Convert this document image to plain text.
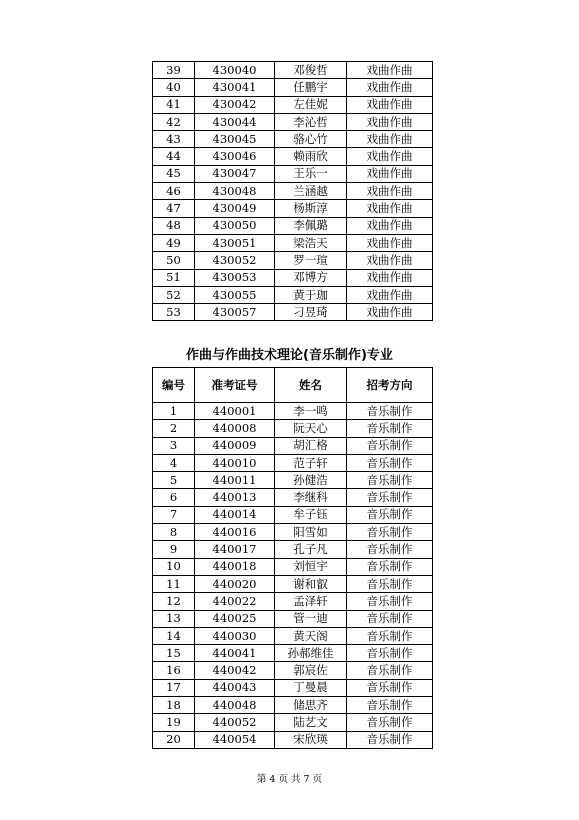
39	430040	邓俊哲	戏曲作曲
40	430041	任鹏宇	戏曲作曲
41	430042	左佳妮	戏曲作曲
42	430044	李沁哲	戏曲作曲
43	430045	骆心竹	戏曲作曲
44	430046	赖雨欣	戏曲作曲
45	430047	王乐一	戏曲作曲
46	430048	兰涵越	戏曲作曲
47	430049	杨斯淳	戏曲作曲
48	430050	李佩璐	戏曲作曲
49	430051	梁浩天	戏曲作曲
50	430052	罗一瑄	戏曲作曲
51	430053	邓博方	戏曲作曲
52	430055	黄于珈	戏曲作曲
53	430057	刁昱琦	戏曲作曲
作曲与作曲技术理论(音乐制作)专业
编号	准考证号	姓名	招考方向
1	440001	李一鸣	音乐制作
2	440008	阮天心	音乐制作
3	440009	胡汇格	音乐制作
4	440010	范子轩	音乐制作
5	440011	孙健浩	音乐制作
6	440013	李继科	音乐制作
7	440014	牟子钰	音乐制作
8	440016	阳雪如	音乐制作
9	440017	孔子凡	音乐制作
10	440018	刘恒宇	音乐制作
11	440020	谢和叡	音乐制作
12	440022	孟泽轩	音乐制作
13	440025	管一迪	音乐制作
14	440030	黄天阁	音乐制作
15	440041	孙郝维佳	音乐制作
16	440042	郭宸佐	音乐制作
17	440043	丁曼晨	音乐制作
18	440048	储思齐	音乐制作
19	440052	陆艺文	音乐制作
20	440054	宋欣瑛	音乐制作
第 4 页 共 7 页
